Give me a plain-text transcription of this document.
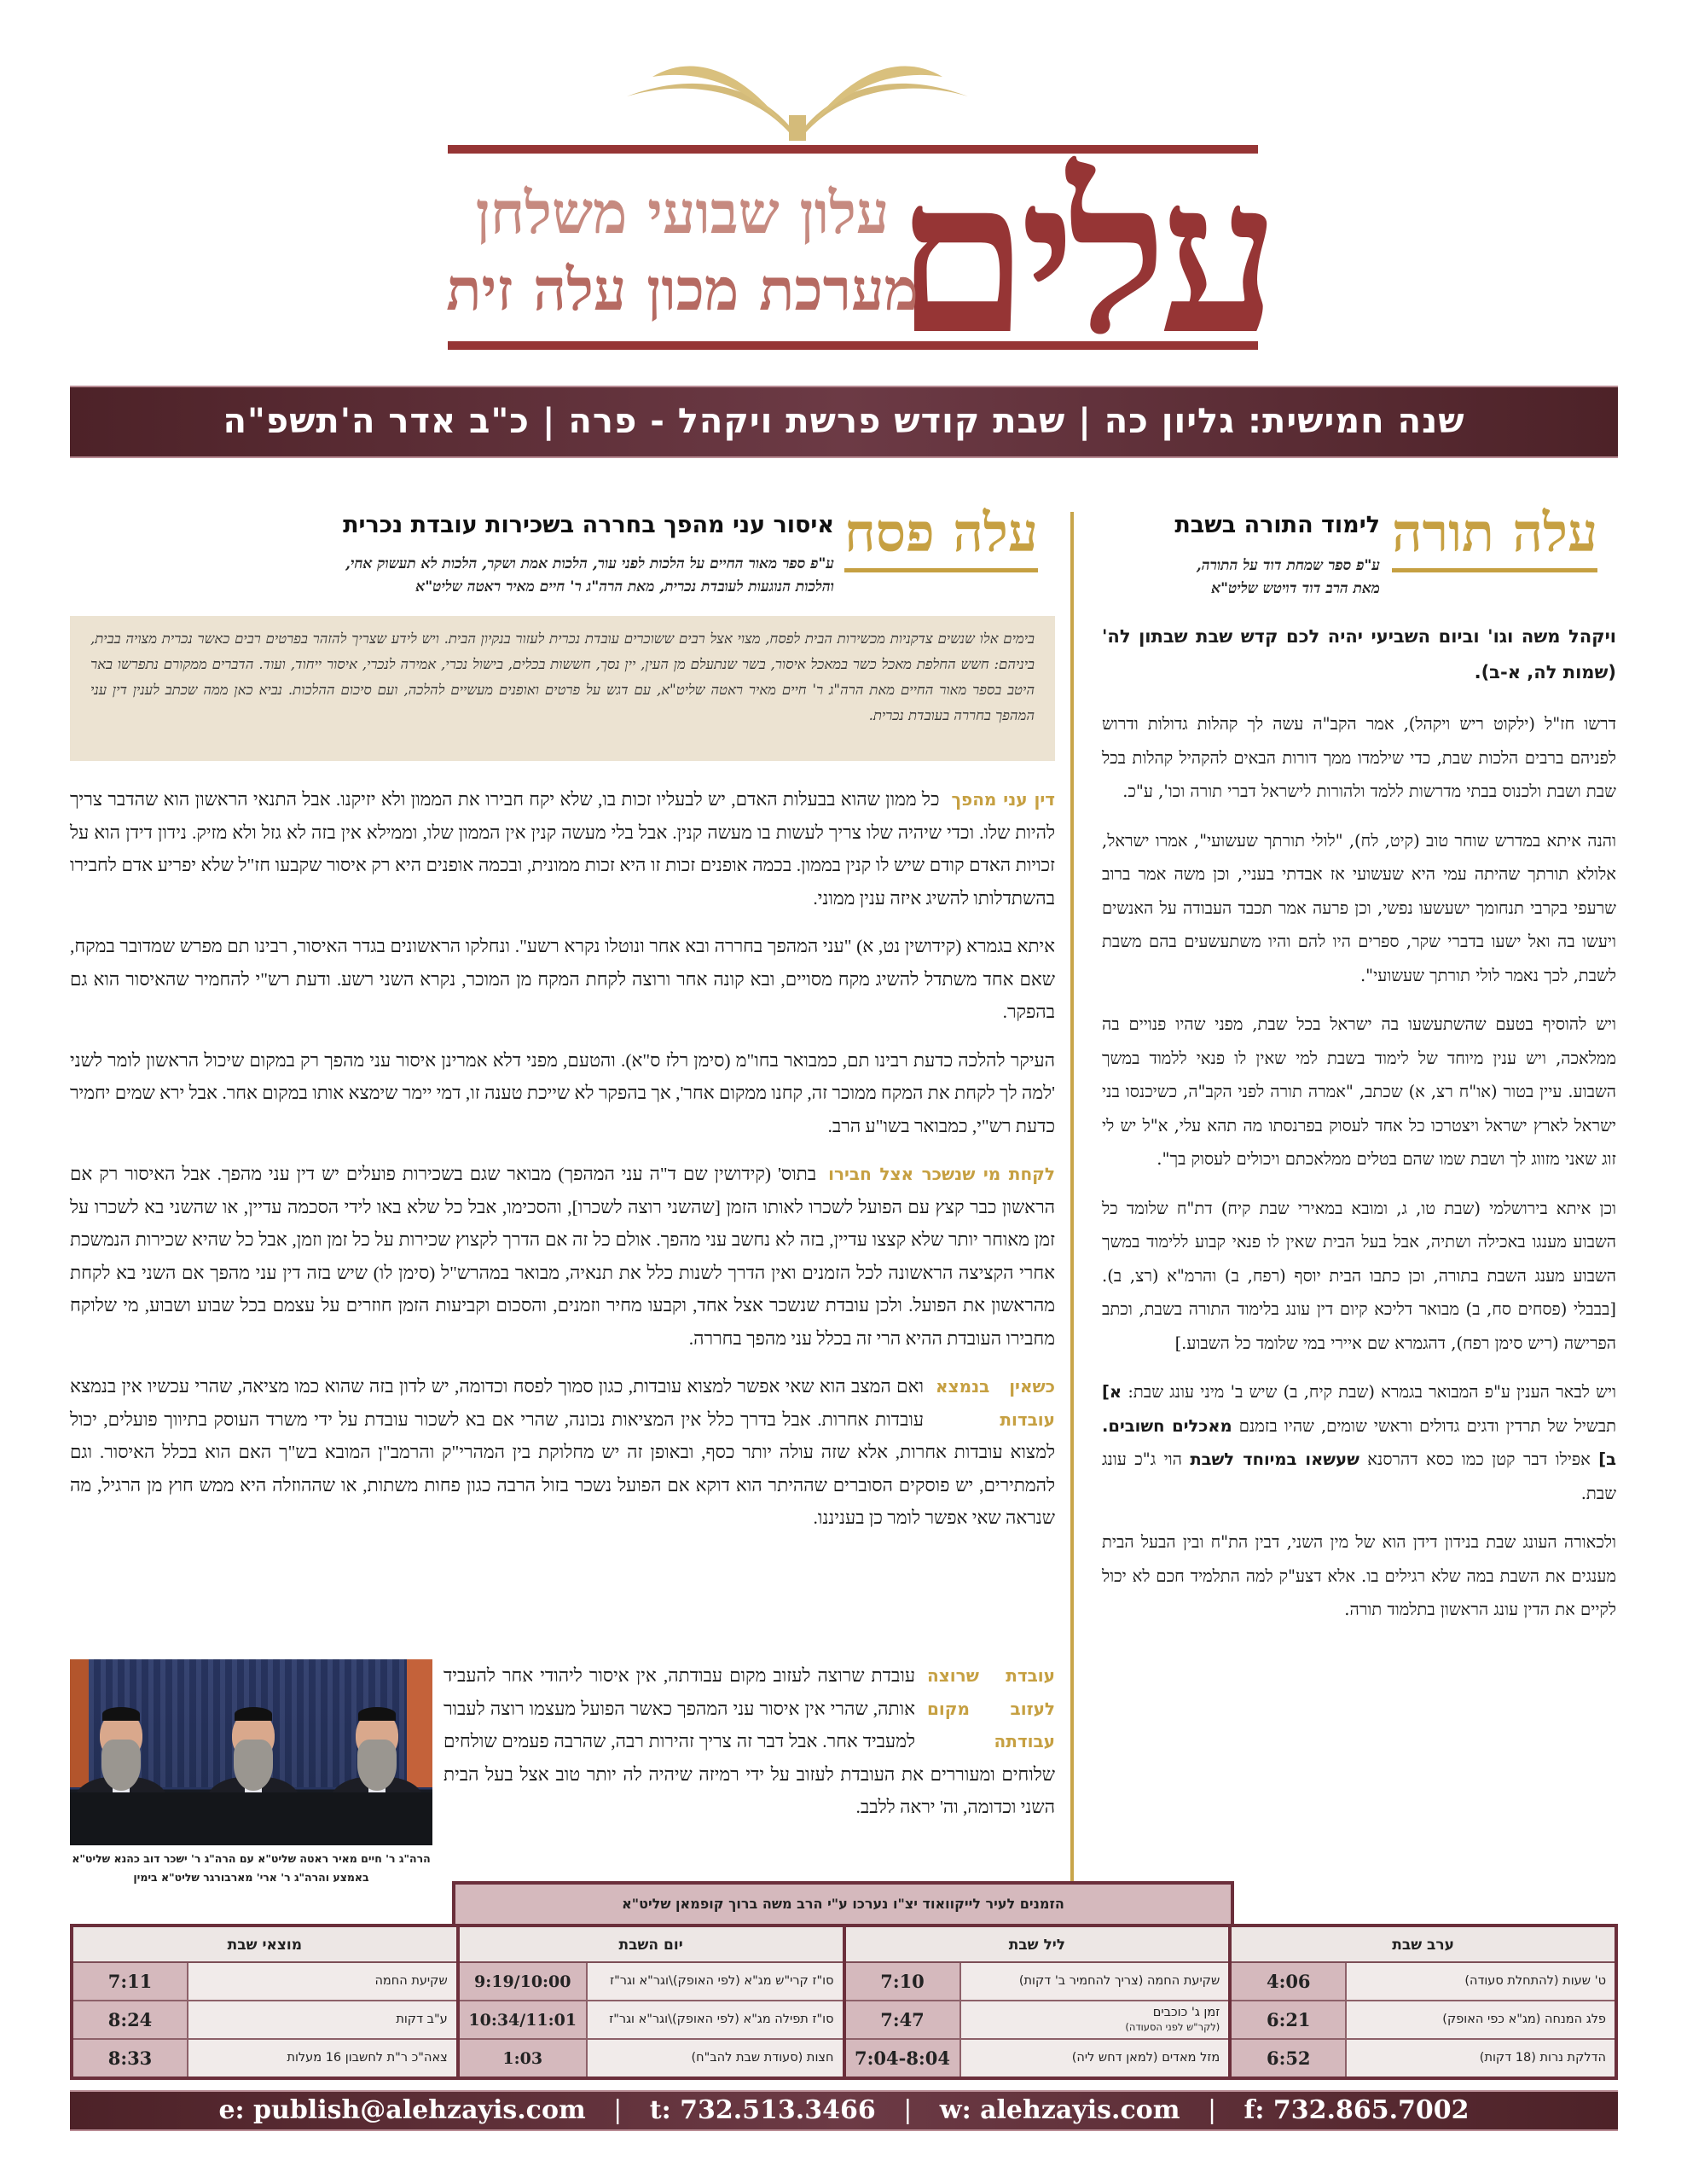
עלים
עלון שבועי משלחן
מערכת מכון עלה זית
שנה חמישית: גליון כה | שבת קודש פרשת ויקהל - פרה | כ"ב אדר ה'תשפ"ה
עלה תורה
לימוד התורה בשבת
ע"פ ספר שמחת דוד על התורה,
מאת הרב דוד דויטש שליט"א
ויקהל משה וגו' וביום השביעי יהיה לכם קדש שבת שבתון לה' (שמות לה, א-ב).

דרשו חז"ל (ילקוט ריש ויקהל), אמר הקב"ה עשה לך קהלות גדולות ודרוש לפניהם ברבים הלכות שבת, כדי שילמדו ממך דורות הבאים להקהיל קהלות בכל שבת ושבת ולכנוס בבתי מדרשות ללמד ולהורות לישראל דברי תורה וכו', ע"כ.

והנה איתא במדרש שוחר טוב (קיט, לח), "לולי תורתך שעשועי", אמרו ישראל, אלולא תורתך שהיתה עמי היא שעשועי אז אבדתי בעניי, וכן משה אמר ברוב שרעפי בקרבי תנחומך ישעשעו נפשי, וכן פרעה אמר תכבד העבודה על האנשים ויעשו בה ואל ישעו בדברי שקר, ספרים היו להם והיו משתעשעים בהם משבת לשבת, לכך נאמר לולי תורתך שעשועי".

ויש להוסיף בטעם שהשתעשעו בה ישראל בכל שבת, מפני שהיו פנויים בה ממלאכה, ויש ענין מיוחד של לימוד בשבת למי שאין לו פנאי ללמוד במשך השבוע. עיין בטור (או"ח רצ, א) שכתב, "אמרה תורה לפני הקב"ה, כשיכנסו בני ישראל לארץ ישראל ויצטרכו כל אחד לעסוק בפרנסתו מה תהא עלי, א"ל יש לי זוג שאני מזווג לך ושבת שמו שהם בטלים ממלאכתם ויכולים לעסוק בך".

וכן איתא בירושלמי (שבת טו, ג, ומובא במאירי שבת קיח) דת"ח שלומד כל השבוע מענגו באכילה ושתיה, אבל בעל הבית שאין לו פנאי קבוע ללימוד במשך השבוע מענג השבת בתורה, וכן כתבו הבית יוסף (רפח, ב) והרמ"א (רצ, ב). [בבבלי (פסחים סח, ב) מבואר דליכא קיום דין עונג בלימוד התורה בשבת, וכתב הפרישה (ריש סימן רפח), דהגמרא שם איירי במי שלומד כל השבוע.]

ויש לבאר הענין ע"פ המבואר בגמרא (שבת קיח, ב) שיש ב' מיני עונג שבת: א] תבשיל של תרדין ודגים גדולים וראשי שומים, שהיו בזמנם מאכלים חשובים. ב] אפילו דבר קטן כמו כסא דהרסנא שעשאו במיוחד לשבת הוי ג"כ עונג שבת.

ולכאורה העונג שבת בנידון דידן הוא של מין השני, דבין הת"ח ובין הבעל הבית מענגים את השבת במה שלא רגילים בו. אלא דצע"ק למה התלמיד חכם לא יכול לקיים את הדין עונג הראשון בתלמוד תורה.

עלה פסח
איסור עני מהפך בחררה בשכירות עובדת נכרית
ע"פ ספר מאור החיים על הלכות לפני עור, הלכות אמת ושקר, הלכות לא תעשוק אחי,
והלכות הנוגעות לעובדת נכרית, מאת הרה"ג ר' חיים מאיר ראטה שליט"א

בימים אלו שנשים צדקניות מכשירות הבית לפסח, מצוי אצל רבים ששוכרים עובדת נכרית לעזור בנקיון הבית. ויש לידע שצריך להזהר בפרטים רבים כאשר נכרית מצויה בבית, ביניהם: חשש החלפת מאכל כשר במאכל איסור, בשר שנתעלם מן העין, יין נסך, חששות בכלים, בישול נכרי, אמירה לנכרי, איסור ייחוד, ועוד. הדברים ממקורם נתפרשו באר היטב בספר מאור החיים מאת הרה"ג ר' חיים מאיר ראטה שליט"א, עם דגש על פרטים ואופנים מעשיים להלכה, ועם סיכום ההלכות. נביא כאן ממה שכתב לענין דין עני המהפך בחררה בעובדת נכרית.

דין עני מהפךכל ממון שהוא בבעלות האדם, יש לבעליו זכות בו, שלא יקח חבירו את הממון ולא יזיקנו. אבל התנאי הראשון הוא שהדבר צריך להיות שלו. וכדי שיהיה שלו צריך לעשות בו מעשה קנין. אבל בלי מעשה קנין אין הממון שלו, וממילא אין בזה לא גזל ולא מזיק. נידון דידן הוא על זכויות האדם קודם שיש לו קנין בממון. בכמה אופנים זכות זו היא זכות ממונית, ובכמה אופנים היא רק איסור שקבעו חז"ל שלא יפריע אדם לחבירו בהשתדלותו להשיג איזה ענין ממוני.

איתא בגמרא (קידושין נט, א) "עני המהפך בחררה ובא אחר ונוטלו נקרא רשע". ונחלקו הראשונים בגדר האיסור, רבינו תם מפרש שמדובר במקח, שאם אחד משתדל להשיג מקח מסויים, ובא קונה אחר ורוצה לקחת המקח מן המוכר, נקרא השני רשע. ודעת רש"י להחמיר שהאיסור הוא גם בהפקר.

העיקר להלכה כדעת רבינו תם, כמבואר בחו"מ (סימן רלז ס"א). והטעם, מפני דלא אמרינן איסור עני מהפך רק במקום שיכול הראשון לומר לשני 'למה לך לקחת את המקח ממוכר זה, קחנו ממקום אחר', אך בהפקר לא שייכת טענה זו, דמי יימר שימצא אותו במקום אחר. אבל ירא שמים יחמיר כדעת רש"י, כמבואר בשו"ע הרב.

לקחת מי שנשכר אצל חבירובתוס' (קידושין שם ד"ה עני המהפך) מבואר שגם בשכירות פועלים יש דין עני מהפך. אבל האיסור רק אם הראשון כבר קצץ עם הפועל לשכרו לאותו הזמן [שהשני רוצה לשכרו], והסכימו, אבל כל שלא באו לידי הסכמה עדיין, או שהשני בא לשכרו על זמן מאוחר יותר שלא קצצו עדיין, בזה לא נחשב עני מהפך. אולם כל זה אם הדרך לקצוץ שכירות על כל זמן וזמן, אבל כל שהיא שכירות הנמשכת אחרי הקציצה הראשונה לכל הזמנים ואין הדרך לשנות כלל את תנאיה, מבואר במהרש"ל (סימן לו) שיש בזה דין עני מהפך אם השני בא לקחת מהראשון את הפועל. ולכן עובדת שנשכר אצל אחד, וקבעו מחיר וזמנים, והסכום וקביעות הזמן חוזרים על עצמם בכל שבוע ושבוע, מי שלוקח מחבירו העובדת ההיא הרי זה בכלל עני מהפך בחררה.

כשאין בנמצא עובדות
ואם המצב הוא שאי אפשר למצוא עובדות, כגון סמוך לפסח וכדומה, יש לדון בזה שהוא כמו מציאה, שהרי עכשיו אין בנמצא עובדות אחרות. אבל בדרך כלל אין המציאות נכונה, שהרי אם בא לשכור עובדת על ידי משרד העוסק בתיווך פועלים, יכול למצוא עובדות אחרות, אלא שזה עולה יותר כסף, ובאופן זה יש מחלוקת בין המהרי"ק והרמב"ן המובא בש"ך האם הוא בכלל האיסור. וגם להמתירים, יש פוסקים הסוברים שההיתר הוא דוקא אם הפועל נשכר בזול הרבה כגון פחות משתות, או שההוזלה היא ממש חוץ מן הרגיל, מה שנראה שאי אפשר לומר כן בעניננו.

עובדת שרוצה לעזוב מקום עבודתה
עובדת שרוצה לעזוב מקום עבודתה, אין איסור ליהודי אחר להעביד אותה, שהרי אין איסור עני המהפך כאשר הפועל מעצמו רוצה לעבור למעביד אחר. אבל דבר זה צריך זהירות רבה, שהרבה פעמים שולחים שלוחים ומעוררים את העובדת לעזוב על ידי רמיזה שיהיה לה יותר טוב אצל בעל הבית השני וכדומה, וה' יראה ללבב.

הרה"ג ר' חיים מאיר ראטה שליט"א עם הרה"ג ר' ישכר דוב כהנא שליט"א באמצע והרה"ג ר' ארי' מארבורגר שליט"א בימין
הזמנים לעיר לייקוואוד יצ"ו נערכו ע"י הרב משה ברוך קופמאן שליט"א
ערב שבת
ט' שעות (להתחלת סעודה)
4:06
פלג המנחה (מג"א כפי האופק)
6:21
הדלקת נרות (18 דקות)
6:52
ליל שבת
שקיעת החמה (צריך להחמיר ב' דקות)
7:10
זמן ג' כוכבים
(לקר"ש לפני הסעודה)
7:47
מזל מאדים (למאן דחש ליה)
7:04-8:04
יום השבת
סו"ז קרי"ש מג"א (לפי האופק)\וגר"א וגר"ז
9:19/10:00
סו"ז תפילה מג"א (לפי האופק)\וגר"א וגר"ז
10:34/11:01
חצות (סעודת שבת להב"ח)
1:03
מוצאי שבת
שקיעת החמה
7:11
ע"ב דקות
8:24
צאה"כ ר"ת לחשבון 16 מעלות
8:33
e: publish@alehzayis.com | t: 732.513.3466 | w: alehzayis.com | f: 732.865.7002
